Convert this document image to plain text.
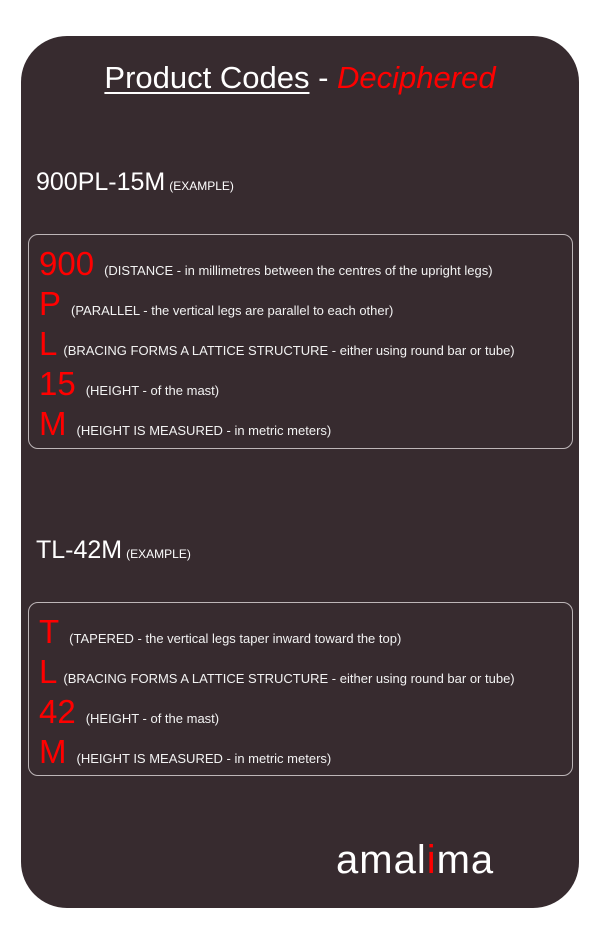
Product Codes - Deciphered
900PL-15M (EXAMPLE)
900 (DISTANCE - in millimetres between the centres of the upright legs)
P (PARALLEL - the vertical legs are parallel to each other)
L (BRACING FORMS A LATTICE STRUCTURE - either using round bar or tube)
15 (HEIGHT - of the mast)
M (HEIGHT IS MEASURED - in metric meters)
TL-42M (EXAMPLE)
T (TAPERED - the vertical legs taper inward toward the top)
L (BRACING FORMS A LATTICE STRUCTURE - either using round bar or tube)
42 (HEIGHT - of the mast)
M (HEIGHT IS MEASURED - in metric meters)
amalima
